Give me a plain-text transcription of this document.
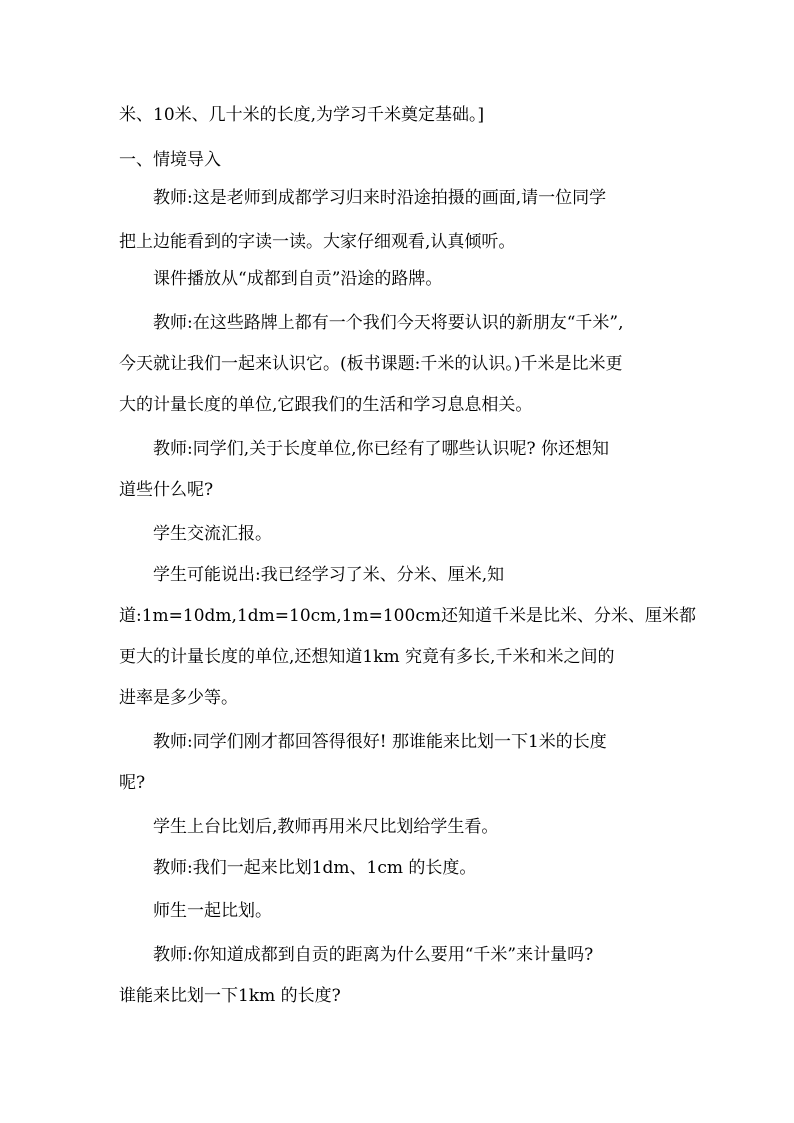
米、10米、几十米的长度,为学习千米奠定基础。]
一、情境导入
教师:这是老师到成都学习归来时沿途拍摄的画面,请一位同学
把上边能看到的字读一读。大家仔细观看,认真倾听。
课件播放从“成都到自贡”沿途的路牌。
教师:在这些路牌上都有一个我们今天将要认识的新朋友“千米”,
今天就让我们一起来认识它。(板书课题:千米的认识。)千米是比米更
大的计量长度的单位,它跟我们的生活和学习息息相关。
教师:同学们,关于长度单位,你已经有了哪些认识呢? 你还想知
道些什么呢?
学生交流汇报。
学生可能说出:我已经学习了米、分米、厘米,知
道:1m=10dm,1dm=10cm,1m=100cm还知道千米是比米、分米、厘米都
更大的计量长度的单位,还想知道1km 究竟有多长,千米和米之间的
进率是多少等。
教师:同学们刚才都回答得很好! 那谁能来比划一下1米的长度
呢?
学生上台比划后,教师再用米尺比划给学生看。
教师:我们一起来比划1dm、1cm 的长度。
师生一起比划。
教师:你知道成都到自贡的距离为什么要用“千米”来计量吗?
谁能来比划一下1km 的长度?
